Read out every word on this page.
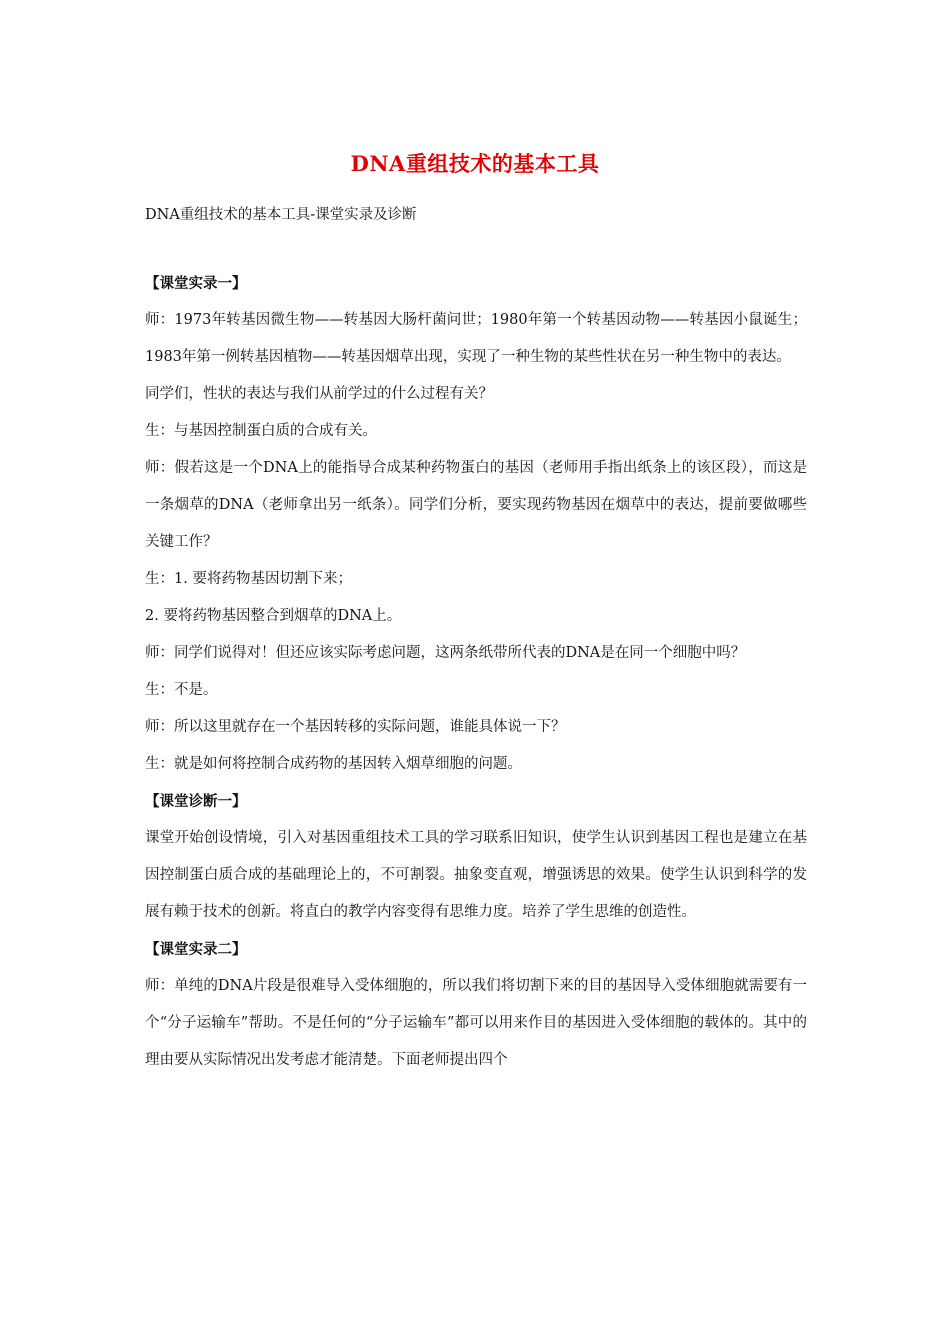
DNA重组技术的基本工具
DNA重组技术的基本工具-课堂实录及诊断

【课堂实录一】

师：1973年转基因微生物——转基因大肠杆菌问世；1980年第一个转基因动物——转基因小鼠诞生；1983年第一例转基因植物——转基因烟草出现，实现了一种生物的某些性状在另一种生物中的表达。

同学们，性状的表达与我们从前学过的什么过程有关？

生：与基因控制蛋白质的合成有关。

师：假若这是一个DNA上的能指导合成某种药物蛋白的基因（老师用手指出纸条上的该区段），而这是一条烟草的DNA（老师拿出另一纸条）。同学们分析，要实现药物基因在烟草中的表达，提前要做哪些关键工作？

生：1. 要将药物基因切割下来；

2. 要将药物基因整合到烟草的DNA上。

师：同学们说得对！但还应该实际考虑问题，这两条纸带所代表的DNA是在同一个细胞中吗？

生：不是。

师：所以这里就存在一个基因转移的实际问题，谁能具体说一下？

生：就是如何将控制合成药物的基因转入烟草细胞的问题。

【课堂诊断一】

课堂开始创设情境，引入对基因重组技术工具的学习联系旧知识，使学生认识到基因工程也是建立在基因控制蛋白质合成的基础理论上的，不可割裂。抽象变直观，增强诱思的效果。使学生认识到科学的发展有赖于技术的创新。将直白的教学内容变得有思维力度。培养了学生思维的创造性。

【课堂实录二】

师：单纯的DNA片段是很难导入受体细胞的，所以我们将切割下来的目的基因导入受体细胞就需要有一个“分子运输车”帮助。不是任何的“分子运输车”都可以用来作目的基因进入受体细胞的载体的。其中的理由要从实际情况出发考虑才能清楚。下面老师提出四个
